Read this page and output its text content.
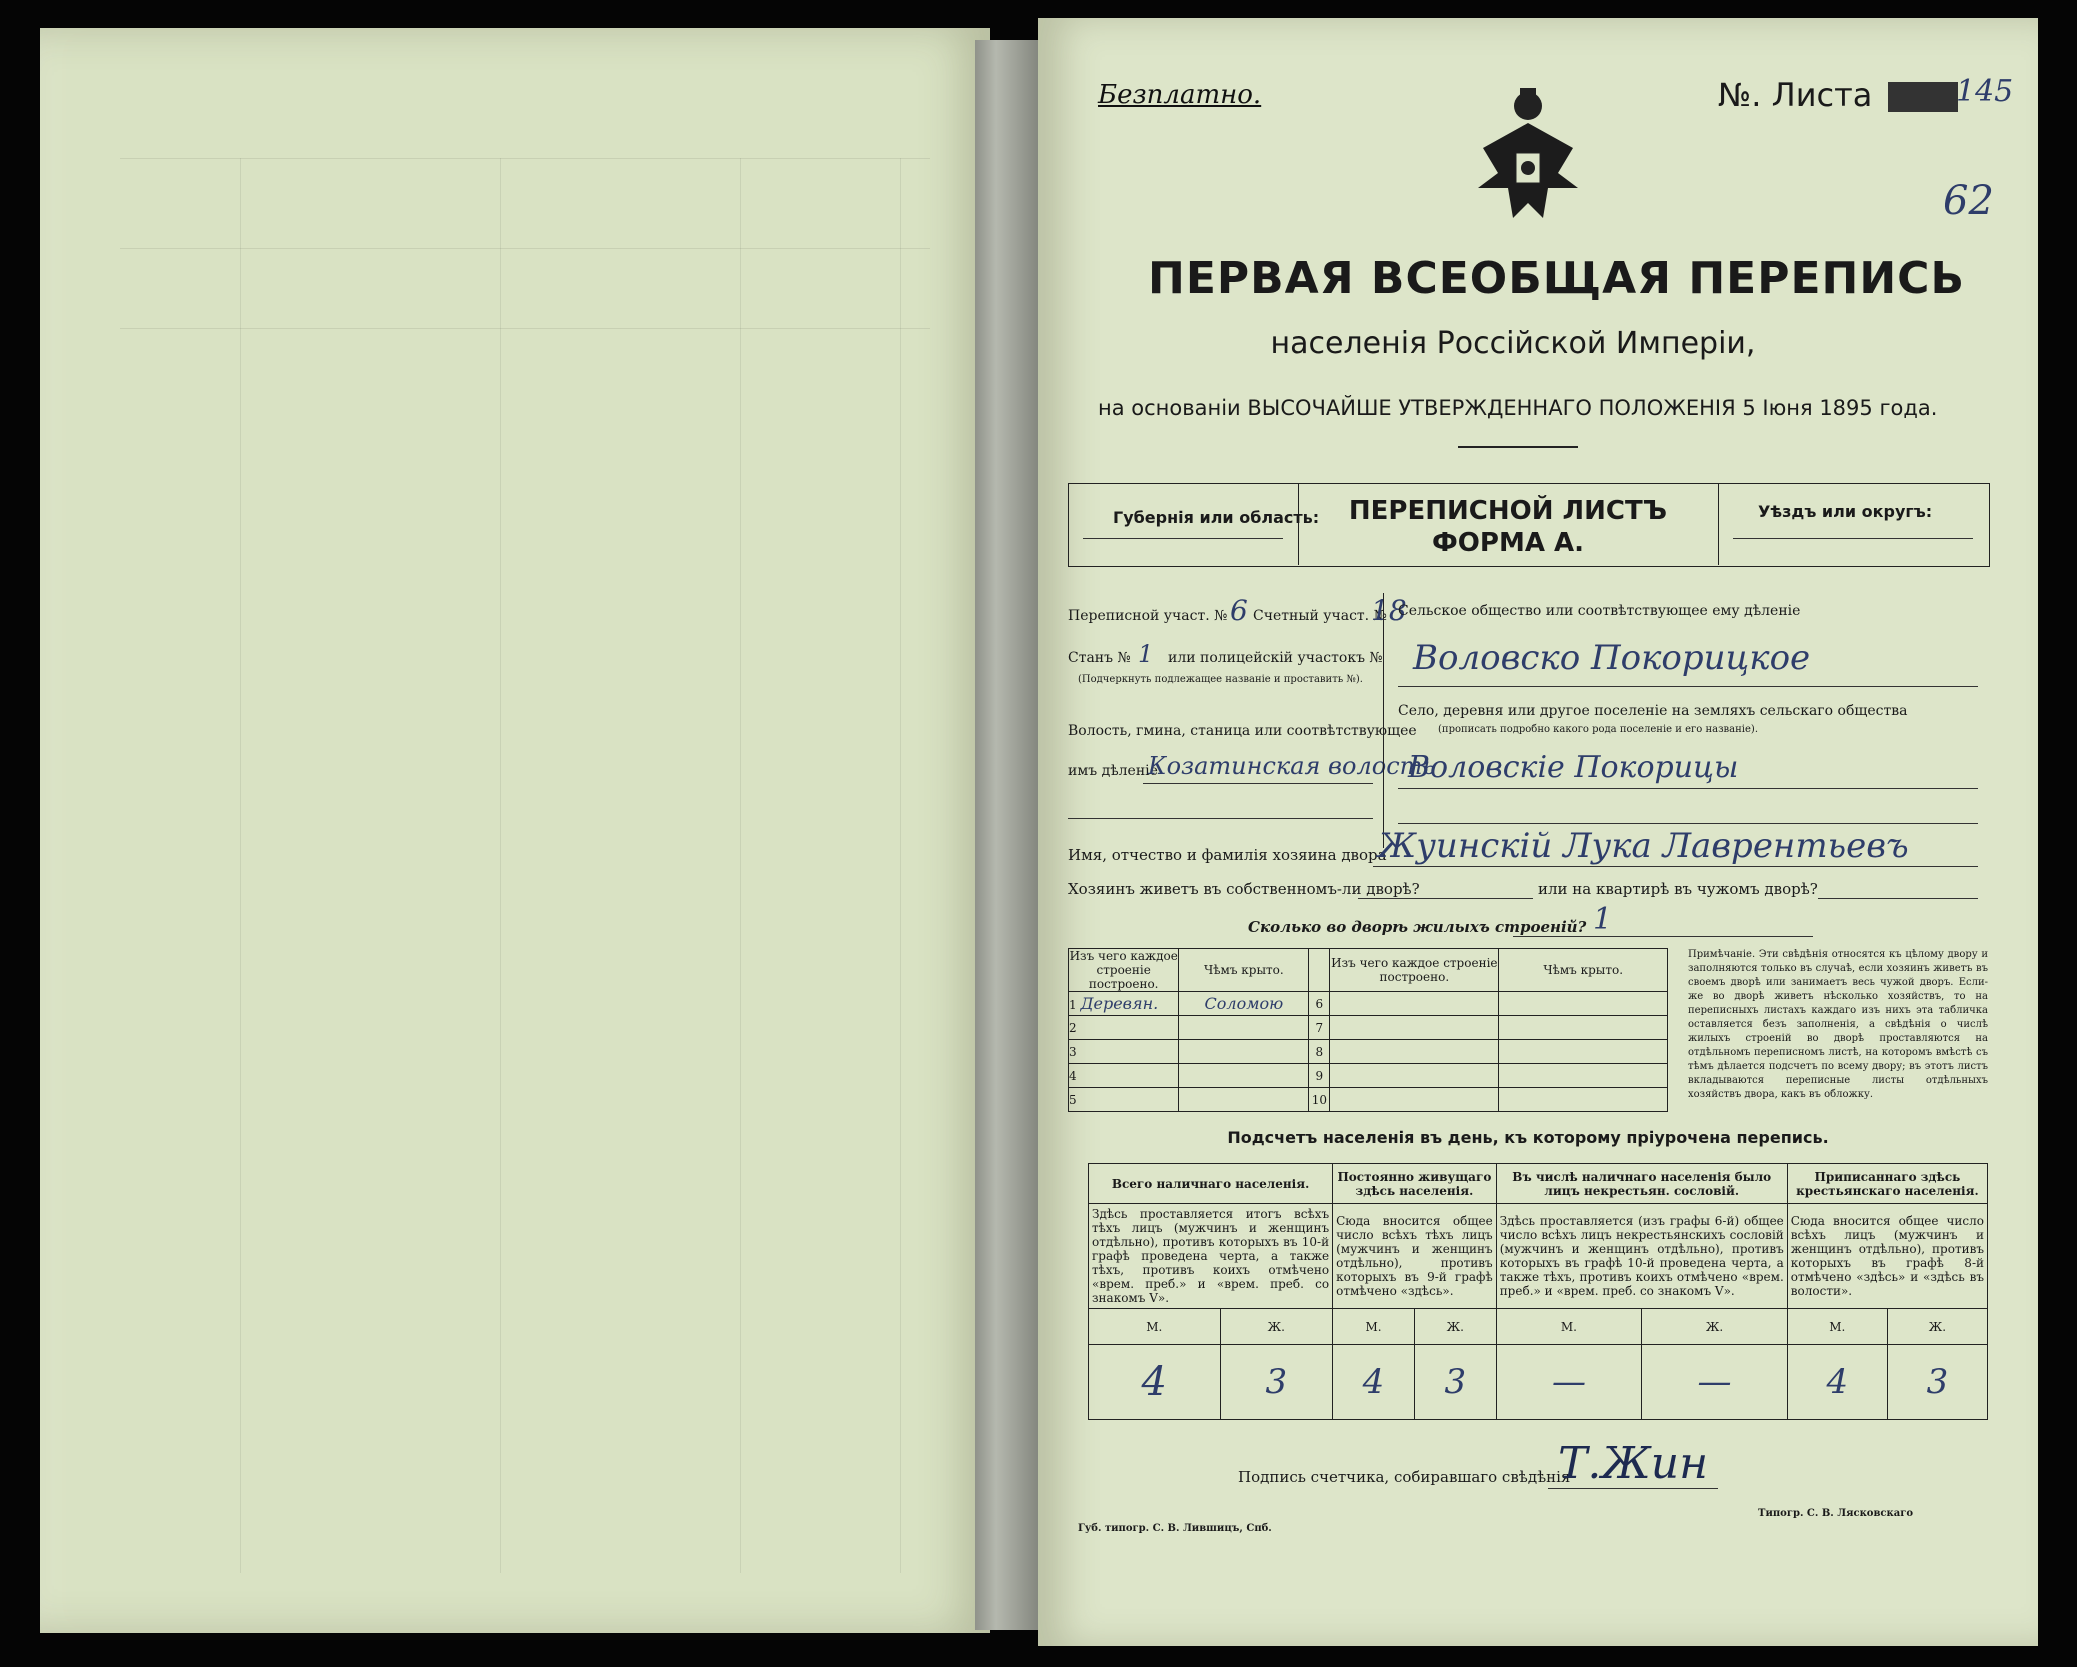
Безплатно.	№. Листа	145
62
ПЕРВАЯ ВСЕОБЩАЯ ПЕРЕПИСЬ
населенія Россійской Имперіи,
на основаніи ВЫСОЧАЙШЕ УТВЕРЖДЕННАГО ПОЛОЖЕНІЯ 5 Іюня 1895 года.
Губернія или область:	ПЕРЕПИСНОЙ ЛИСТЪ
ФОРМА А.
Уѣздъ или округъ:
Переписной участ. № 6 Счетный участ. №
18
Станъ № 1 или полицейскій участокъ №
(Подчеркнуть подлежащее названіе и проставить №).
Волость, гмина, станица или соотвѣтствующее
имъ дѣленіе
Козатинская волость
Сельское общество или соотвѣтствующее ему дѣленіе
Воловско Покорицкое
Село, деревня или другое поселеніе на земляхъ сельскаго общества
(прописать подробно какого рода поселеніе и его названіе).
Воловскіе Покорицы
Имя, отчество и фамилія хозяина двора
Жуинскій Лука Лаврентьевъ
Хозяинъ живетъ въ собственномъ-ли дворѣ?	или на квартирѣ въ чужомъ дворѣ?
Сколько во дворѣ жилыхъ строеній? 1
Изъ чего каждое строеніе построено.	Чѣмъ крыто.		Изъ чего каждое строеніе построено.	Чѣмъ крыто.
1 Деревян.	Соломою	6		
2		7		
3		8		
4		9		
5		10		
Примѣчаніе. Эти свѣдѣнія относятся къ цѣлому двору и заполняются только въ случаѣ, если хозяинъ живетъ въ своемъ дворѣ или занимаетъ весь чужой дворъ. Если-же во дворѣ живетъ нѣсколько хозяйствъ, то на переписныхъ листахъ каждаго изъ нихъ эта табличка оставляется безъ заполненія, а свѣдѣнія о числѣ жилыхъ строеній во дворѣ проставляются на отдѣльномъ переписномъ листѣ, на которомъ вмѣстѣ съ тѣмъ дѣлается подсчетъ по всему двору; въ этотъ листъ вкладываются переписные листы отдѣльныхъ хозяйствъ двора, какъ въ обложку.
Подсчетъ населенія въ день, къ которому пріурочена перепись.
Всего наличнаго населенія.		Постоянно живущаго здѣсь населенія.		Въ числѣ наличнаго населенія было лицъ некрестьян. сословій.		Приписаннаго здѣсь крестьянскаго населенія.	
Здѣсь проставляется итогъ всѣхъ тѣхъ лицъ (мужчинъ и женщинъ отдѣльно), противъ которыхъ въ 10-й графѣ проведена черта, а также тѣхъ, противъ коихъ отмѣчено «врем. преб.» и «врем. преб. со знакомъ V».		Сюда вносится общее число всѣхъ тѣхъ лицъ (мужчинъ и женщинъ отдѣльно), противъ которыхъ въ 9-й графѣ отмѣчено «здѣсь».		Здѣсь проставляется (изъ графы 6-й) общее число всѣхъ лицъ некрестьянскихъ сословій (мужчинъ и женщинъ отдѣльно), противъ которыхъ въ графѣ 10-й проведена черта, а также тѣхъ, противъ коихъ отмѣчено «врем. преб.» и «врем. преб. со знакомъ V».		Сюда вносится общее число всѣхъ лицъ (мужчинъ и женщинъ отдѣльно), противъ которыхъ въ графѣ 8-й отмѣчено «здѣсь» и «здѣсь въ волости».	
М.	Ж.	М.	Ж.	М.	Ж.	М.	Ж.
4	3	4	3	—	—	4	3
Подпись счетчика, собиравшаго свѣдѣнія
Т.Жин
Губ. типогр. С. В. Лившицъ, Спб.
Типогр. С. В. Лясковскаго
